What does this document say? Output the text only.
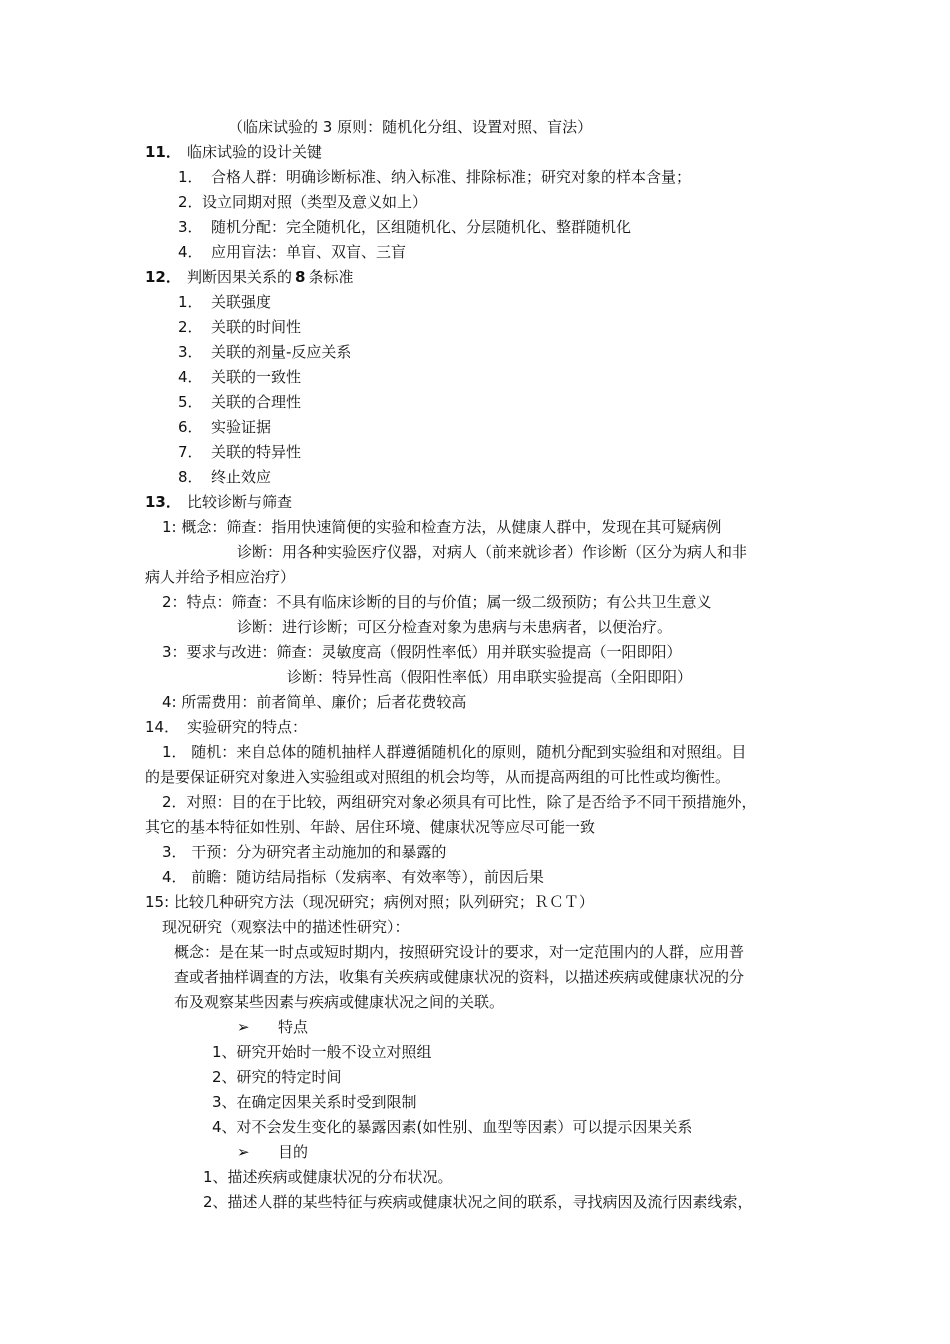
（临床试验的 3 原则：随机化分组、设置对照、盲法）
11． 临床试验的设计关键
1． 合格人群：明确诊断标准、纳入标准、排除标准；研究对象的样本含量；
2． 设立同期对照（类型及意义如上）
3． 随机分配：完全随机化，区组随机化、分层随机化、整群随机化
4． 应用盲法：单盲、双盲、三盲
12． 判断因果关系的 8 条标准
1． 关联强度
2． 关联的时间性
3． 关联的剂量-反应关系
4． 关联的一致性
5． 关联的合理性
6． 实验证据
7． 关联的特异性
8． 终止效应
13． 比较诊断与筛查
1: 概念：筛查：指用快速简便的实验和检查方法，从健康人群中，发现在其可疑病例
诊断：用各种实验医疗仪器，对病人（前来就诊者）作诊断（区分为病人和非
病人并给予相应治疗）
2：特点：筛查：不具有临床诊断的目的与价值；属一级二级预防；有公共卫生意义
诊断：进行诊断；可区分检查对象为患病与未患病者，以便治疗。
3：要求与改进：筛查：灵敏度高（假阴性率低）用并联实验提高（一阳即阳）
诊断：特异性高（假阳性率低）用串联实验提高（全阳即阳）
4: 所需费用：前者简单、廉价；后者花费较高
14． 实验研究的特点：
1． 随机：来自总体的随机抽样人群遵循随机化的原则，随机分配到实验组和对照组。目
的是要保证研究对象进入实验组或对照组的机会均等，从而提高两组的可比性或均衡性。
2．对照：目的在于比较，两组研究对象必须具有可比性，除了是否给予不同干预措施外，
其它的基本特征如性别、年龄、居住环境、健康状况等应尽可能一致
3． 干预：分为研究者主动施加的和暴露的
4． 前瞻：随访结局指标（发病率、有效率等），前因后果
15: 比较几种研究方法（现况研究；病例对照；队列研究；ＲＣＴ）
现况研究（观察法中的描述性研究）：
概念：是在某一时点或短时期内，按照研究设计的要求，对一定范围内的人群，应用普
查或者抽样调查的方法，收集有关疾病或健康状况的资料，以描述疾病或健康状况的分
布及观察某些因素与疾病或健康状况之间的关联。
➢ 特点
1、研究开始时一般不设立对照组
2、研究的特定时间
3、在确定因果关系时受到限制
4、对不会发生变化的暴露因素(如性别、血型等因素）可以提示因果关系
➢ 目的
1、描述疾病或健康状况的分布状况。
2、描述人群的某些特征与疾病或健康状况之间的联系，寻找病因及流行因素线索，
